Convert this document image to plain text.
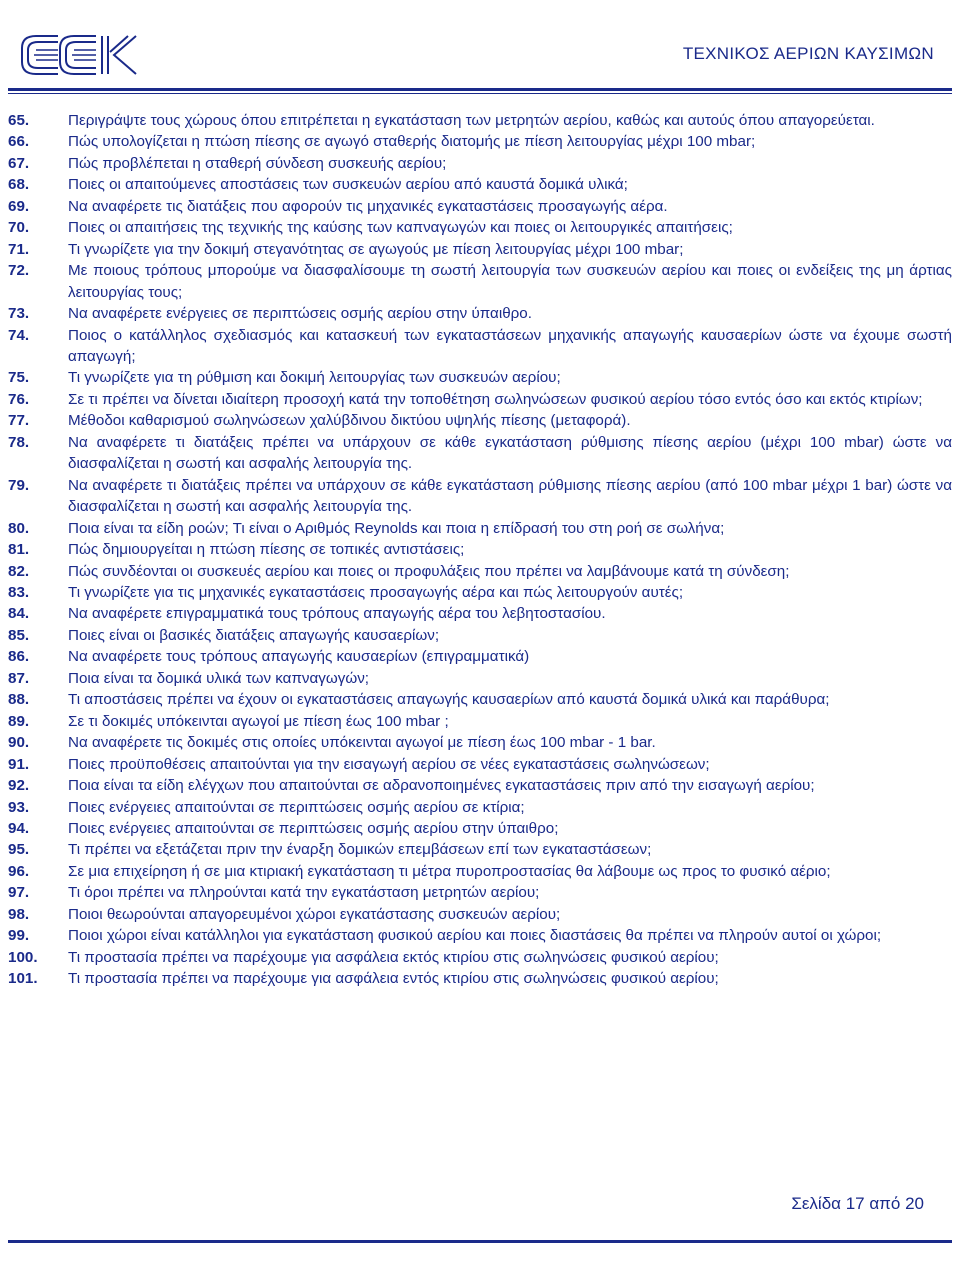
ΤΕΧΝΙΚΟΣ ΑΕΡΙΩΝ ΚΑΥΣΙΜΩΝ
65.	Περιγράψτε τους χώρους όπου επιτρέπεται η εγκατάσταση των μετρητών αερίου, καθώς και αυτούς όπου απαγορεύεται.
66.	Πώς υπολογίζεται η πτώση πίεσης σε αγωγό σταθερής διατομής με πίεση λειτουργίας μέχρι 100 mbar;
67.	Πώς προβλέπεται η σταθερή σύνδεση συσκευής αερίου;
68.	Ποιες οι απαιτούμενες αποστάσεις των συσκευών αερίου από καυστά δομικά υλικά;
69.	Να αναφέρετε τις διατάξεις που αφορούν τις μηχανικές εγκαταστάσεις προσαγωγής αέρα.
70.	Ποιες οι απαιτήσεις της τεχνικής της καύσης των καπναγωγών και ποιες οι λειτουργικές απαιτήσεις;
71.	Τι γνωρίζετε για την δοκιμή στεγανότητας σε αγωγούς με πίεση λειτουργίας μέχρι 100 mbar;
72.	Με ποιους τρόπους μπορούμε να διασφαλίσουμε τη σωστή λειτουργία των συσκευών αερίου και ποιες οι ενδείξεις της μη άρτιας λειτουργίας τους;
73.	Να αναφέρετε ενέργειες σε περιπτώσεις οσμής αερίου στην ύπαιθρο.
74.	Ποιος ο κατάλληλος σχεδιασμός και κατασκευή των εγκαταστάσεων μηχανικής απαγωγής καυσαερίων ώστε να έχουμε σωστή απαγωγή;
75.	Τι γνωρίζετε για τη ρύθμιση και δοκιμή λειτουργίας των συσκευών αερίου;
76.	Σε τι πρέπει να δίνεται ιδιαίτερη προσοχή κατά την τοποθέτηση σωληνώσεων φυσικού αερίου τόσο εντός όσο και εκτός κτιρίων;
77.	Μέθοδοι καθαρισμού σωληνώσεων χαλύβδινου δικτύου υψηλής πίεσης (μεταφορά).
78.	Να αναφέρετε τι διατάξεις πρέπει να υπάρχουν σε κάθε εγκατάσταση ρύθμισης πίεσης αερίου (μέχρι 100 mbar) ώστε να διασφαλίζεται η σωστή και ασφαλής λειτουργία της.
79.	Να αναφέρετε τι διατάξεις πρέπει να υπάρχουν σε κάθε εγκατάσταση ρύθμισης πίεσης αερίου (από 100 mbar μέχρι 1 bar) ώστε να διασφαλίζεται η σωστή και ασφαλής λειτουργία της.
80.	Ποια είναι τα είδη ροών; Τι είναι ο Αριθμός Reynolds και ποια η επίδρασή του στη ροή σε σωλήνα;
81.	Πώς δημιουργείται η πτώση πίεσης σε τοπικές αντιστάσεις;
82.	Πώς συνδέονται οι συσκευές αερίου και ποιες οι προφυλάξεις που πρέπει να λαμβάνουμε κατά τη σύνδεση;
83.	Τι γνωρίζετε για τις μηχανικές εγκαταστάσεις προσαγωγής αέρα και πώς λειτουργούν αυτές;
84.	Να αναφέρετε επιγραμματικά τους τρόπους απαγωγής αέρα του λεβητοστασίου.
85.	Ποιες είναι οι βασικές διατάξεις απαγωγής καυσαερίων;
86.	Να αναφέρετε τους τρόπους απαγωγής καυσαερίων (επιγραμματικά)
87.	Ποια είναι τα δομικά υλικά των καπναγωγών;
88.	Τι αποστάσεις πρέπει να έχουν οι εγκαταστάσεις απαγωγής καυσαερίων από καυστά δομικά υλικά και παράθυρα;
89.	Σε τι δοκιμές υπόκεινται αγωγοί με πίεση έως 100 mbar ;
90.	Να αναφέρετε τις δοκιμές στις οποίες υπόκεινται αγωγοί με πίεση έως 100 mbar - 1 bar.
91.	Ποιες προϋποθέσεις απαιτούνται για την εισαγωγή αερίου σε νέες εγκαταστάσεις σωληνώσεων;
92.	Ποια είναι τα είδη ελέγχων που απαιτούνται σε αδρανοποιημένες εγκαταστάσεις πριν από την εισαγωγή αερίου;
93.	Ποιες ενέργειες απαιτούνται σε περιπτώσεις οσμής αερίου σε κτίρια;
94.	Ποιες ενέργειες απαιτούνται σε περιπτώσεις οσμής αερίου στην ύπαιθρο;
95.	Τι πρέπει να εξετάζεται πριν την έναρξη δομικών επεμβάσεων επί των εγκαταστάσεων;
96.	Σε μια επιχείρηση ή σε μια κτιριακή εγκατάσταση τι μέτρα πυροπροστασίας θα λάβουμε ως προς το φυσικό αέριο;
97.	Τι όροι πρέπει να πληρούνται κατά την εγκατάσταση μετρητών αερίου;
98.	Ποιοι θεωρούνται απαγορευμένοι χώροι εγκατάστασης συσκευών αερίου;
99.	Ποιοι χώροι είναι κατάλληλοι για εγκατάσταση φυσικού αερίου και ποιες διαστάσεις θα πρέπει να πληρούν αυτοί οι χώροι;
100.	Τι προστασία πρέπει να παρέχουμε για ασφάλεια εκτός κτιρίου στις σωληνώσεις φυσικού αερίου;
101.	Τι προστασία πρέπει να παρέχουμε για ασφάλεια εντός κτιρίου στις σωληνώσεις φυσικού αερίου;
Σελίδα 17 από 20
